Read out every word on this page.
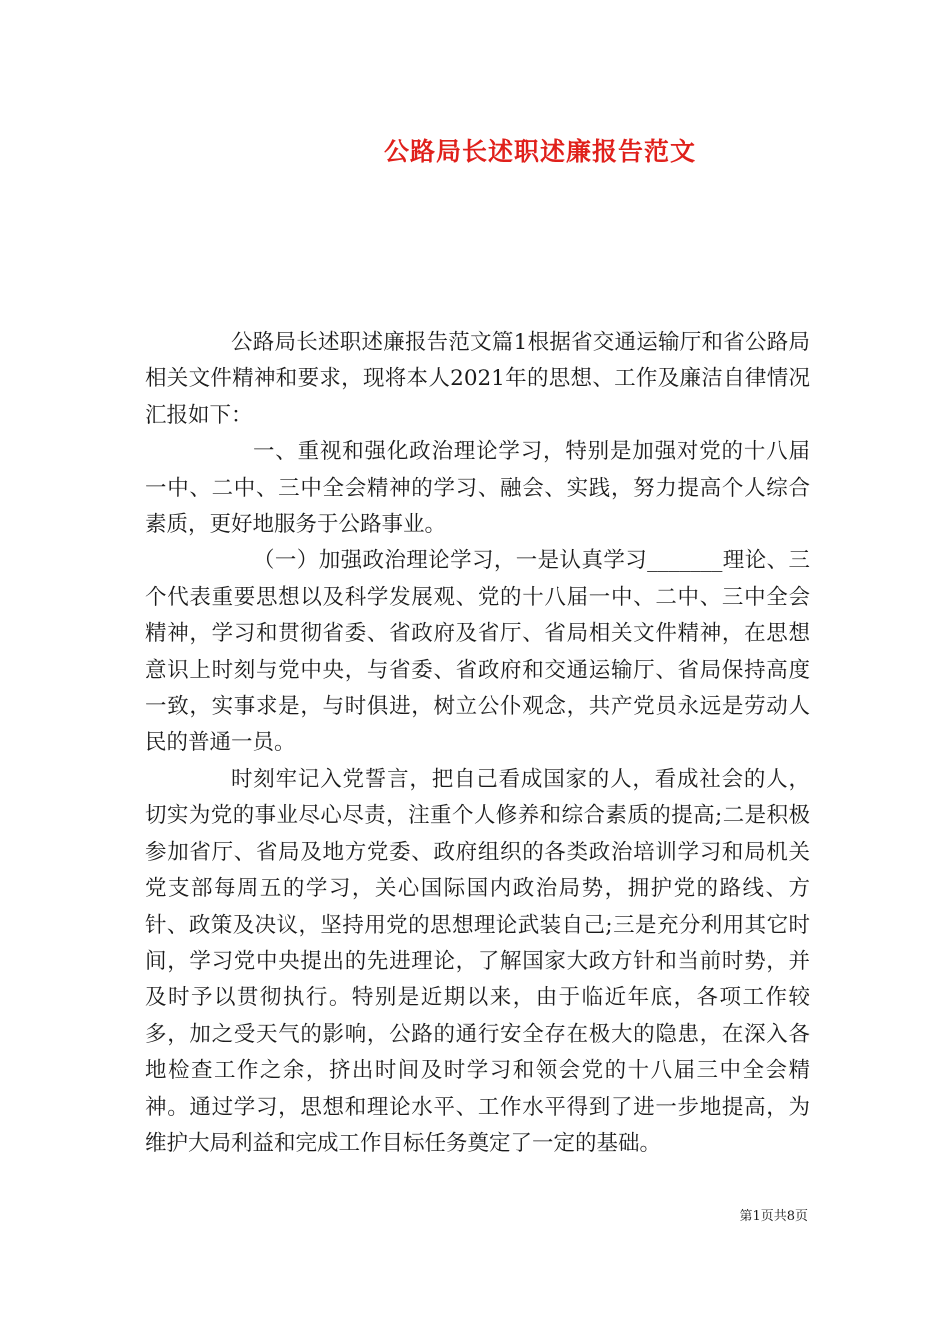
公路局长述职述廉报告范文

公路局长述职述廉报告范文篇1根据省交通运输厅和省公路局相关文件精神和要求，现将本人2021年的思想、工作及廉洁自律情况汇报如下：

一、重视和强化政治理论学习，特别是加强对党的十八届一中、二中、三中全会精神的学习、融会、实践，努力提高个人综合素质，更好地服务于公路事业。

（一）加强政治理论学习，一是认真学习_______理论、三个代表重要思想以及科学发展观、党的十八届一中、二中、三中全会精神，学习和贯彻省委、省政府及省厅、省局相关文件精神，在思想意识上时刻与党中央，与省委、省政府和交通运输厅、省局保持高度一致，实事求是，与时俱进，树立公仆观念，共产党员永远是劳动人民的普通一员。

时刻牢记入党誓言，把自己看成国家的人，看成社会的人，切实为党的事业尽心尽责，注重个人修养和综合素质的提高;二是积极参加省厅、省局及地方党委、政府组织的各类政治培训学习和局机关党支部每周五的学习，关心国际国内政治局势，拥护党的路线、方针、政策及决议，坚持用党的思想理论武装自己;三是充分利用其它时间，学习党中央提出的先进理论，了解国家大政方针和当前时势，并及时予以贯彻执行。特别是近期以来，由于临近年底，各项工作较多，加之受天气的影响，公路的通行安全存在极大的隐患，在深入各地检查工作之余，挤出时间及时学习和领会党的十八届三中全会精神。通过学习，思想和理论水平、工作水平得到了进一步地提高，为维护大局利益和完成工作目标任务奠定了一定的基础。

第1页共8页
